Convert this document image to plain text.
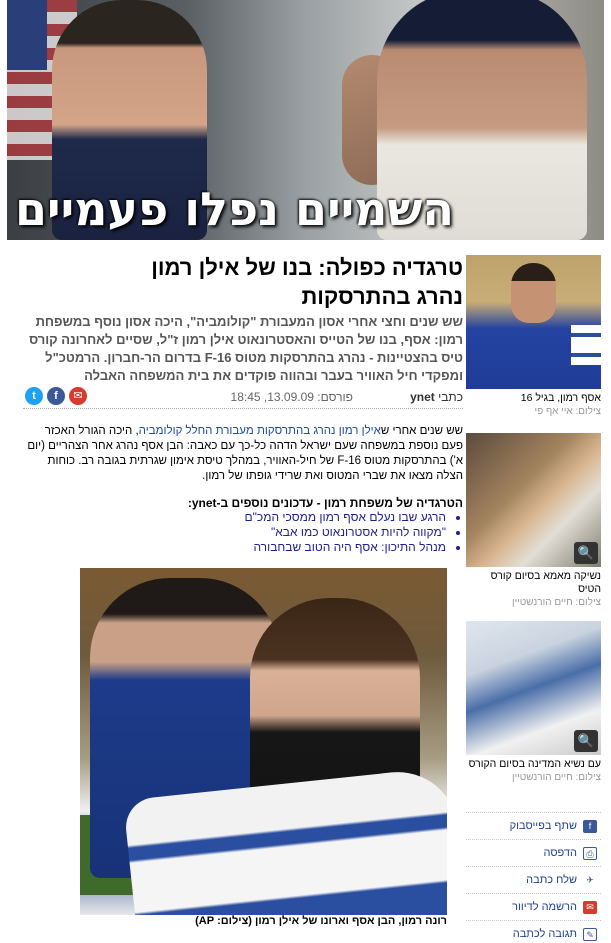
השמיים נפלו פעמיים
טרגדיה כפולה: בנו של אילן רמון נהרג בהתרסקות

שש שנים וחצי אחרי אסון המעבורת "קולומביה", היכה אסון נוסף במשפחת רמון: אסף, בנו של הטייס והאסטרונאוט אילן רמון ז"ל, שסיים לאחרונה קורס טיס בהצטיינות - נהרג בהתרסקות מטוס F-16 בדרום הר-חברון. הרמטכ"ל ומפקדי חיל האוויר בעבר ובהווה פוקדים את בית המשפחה האבלה

כתבי ynet
פורסם: 13.09.09, 18:45
t	f	✉

שש שנים אחרי שאילן רמון נהרג בהתרסקות מעבורת החלל קולומביה, היכה הגורל האכזר פעם נוספת במשפחה שעם ישראל הדהה כל-כך עם כאבה: הבן אסף נהרג אחר הצהריים (יום א') בהתרסקות מטוס F-16 של חיל-האוויר, במהלך טיסת אימון שגרתית בגובה רב. כוחות הצלה מצאו את שברי המטוס ואת שרידי גופתו של רמון.

הטרגדיה של משפחת רמון - עדכונים נוספים ב-ynet:
• הרגע שבו נעלם אסף רמון ממסכי המכ"ם
• "מקווה להיות אסטרונאוט כמו אבא"
• מנהל התיכון: אסף היה הטוב שבחבורה
רונה רמון, הבן אסף וארונו של אילן רמון (צילום: AP)
אסף רמון, בגיל 16
צילום: איי אף פי
🔍
נשיקה מאמא בסיום קורס הטיס
צילום: חיים הורנשטיין
🔍
עם נשיא המדינה בסיום הקורס
צילום: חיים הורנשטיין
f
שתף בפייסבוק
⎙
הדפסה
✈
שלח כתבה
✉
הרשמה לדיוור
✎
תגובה לכתבה
